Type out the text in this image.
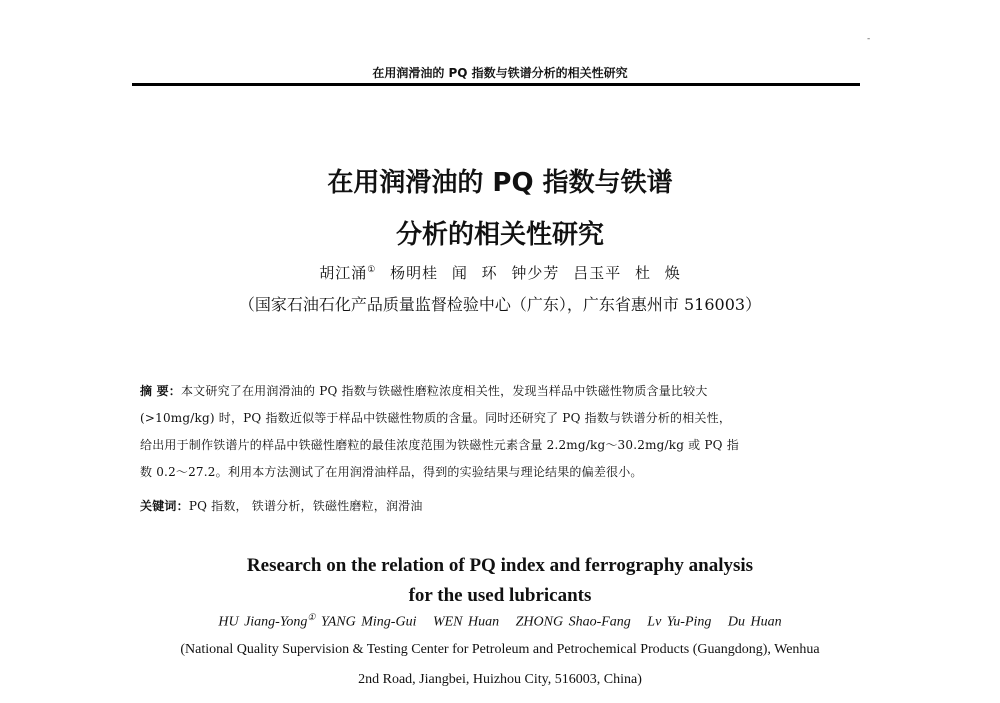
-
在用润滑油的 PQ 指数与铁谱分析的相关性研究
在用润滑油的 PQ 指数与铁谱
分析的相关性研究
胡江涌① 杨明桂 闻 环 钟少芳 吕玉平 杜 焕
（国家石油石化产品质量监督检验中心（广东），广东省惠州市 516003）
摘 要：本文研究了在用润滑油的 PQ 指数与铁磁性磨粒浓度相关性，发现当样品中铁磁性物质含量比较大
(>10mg/kg) 时，PQ 指数近似等于样品中铁磁性物质的含量。同时还研究了 PQ 指数与铁谱分析的相关性，
给出用于制作铁谱片的样品中铁磁性磨粒的最佳浓度范围为铁磁性元素含量 2.2mg/kg～30.2mg/kg 或 PQ 指
数 0.2～27.2。利用本方法测试了在用润滑油样品，得到的实验结果与理论结果的偏差很小。
关键词：PQ 指数， 铁谱分析，铁磁性磨粒，润滑油
Research on the relation of PQ index and ferrography analysis
for the used lubricants
HU Jiang-Yong① YANG Ming-Gui   WEN Huan   ZHONG Shao-Fang   Lv Yu-Ping   Du Huan
(National Quality Supervision & Testing Center for Petroleum and Petrochemical Products (Guangdong), Wenhua
2nd Road, Jiangbei, Huizhou City, 516003, China)
